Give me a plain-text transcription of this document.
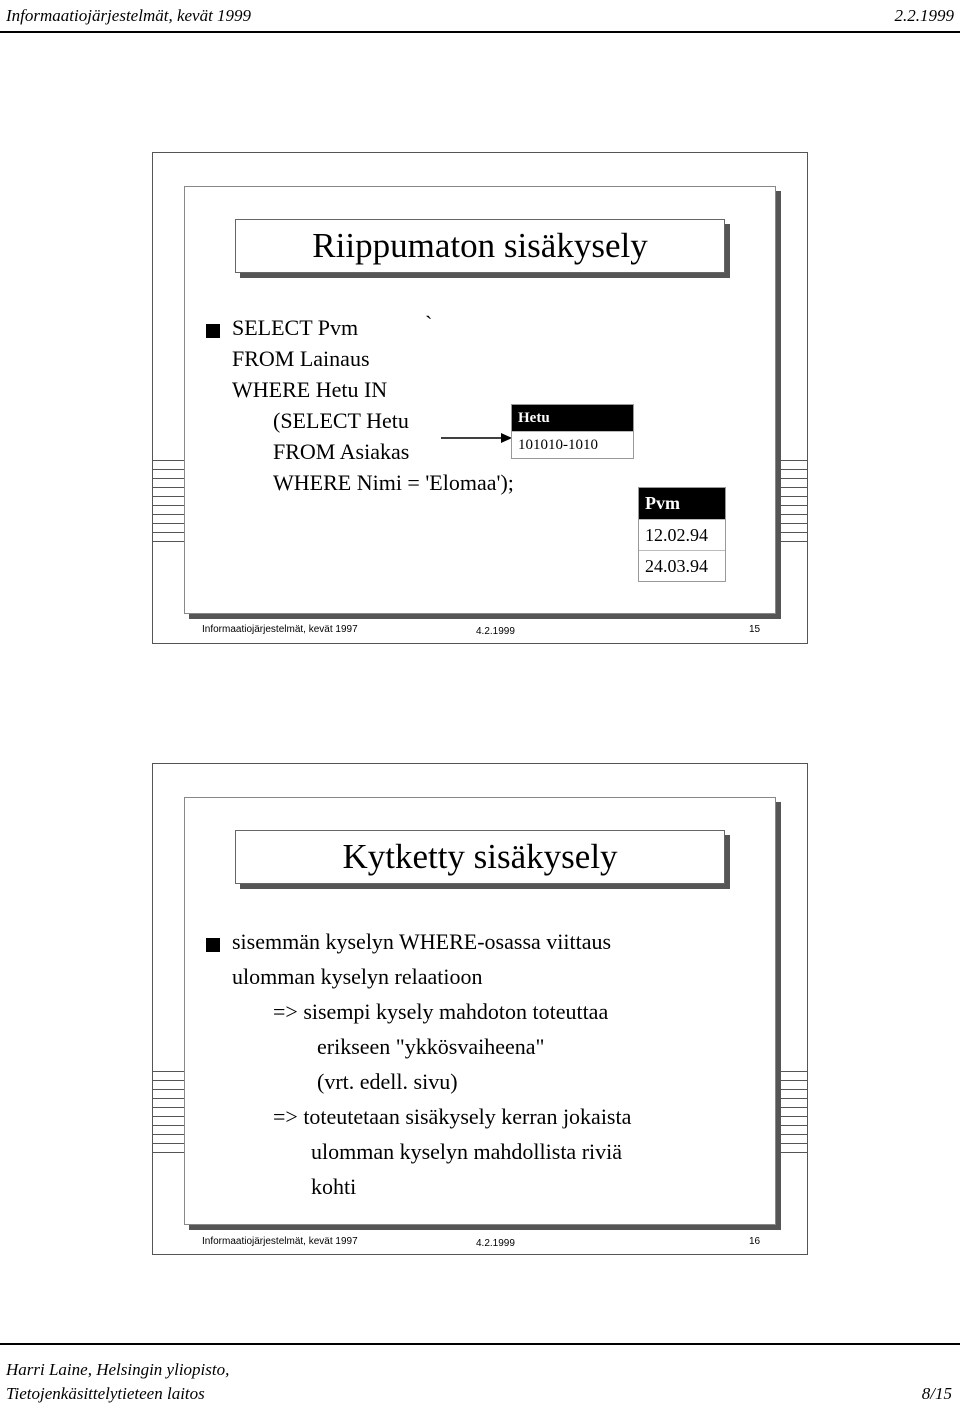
Informaatiojärjestelmät, kevät 1999	2.2.1999
Riippumaton sisäkysely
SELECT Pvm	`
FROM Lainaus
WHERE Hetu IN
(SELECT Hetu
FROM Asiakas
WHERE Nimi = 'Elomaa');
Hetu
101010-1010
Pvm
12.02.94
24.03.94
Informaatiojärjestelmät, kevät 1997	4.2.1999	15
Kytketty sisäkysely
sisemmän kyselyn WHERE-osassa viittaus
ulomman kyselyn relaatioon
=> sisempi kysely mahdoton toteuttaa
erikseen "ykkösvaiheena"
(vrt. edell. sivu)
=> toteutetaan sisäkysely kerran jokaista
ulomman kyselyn mahdollista riviä
kohti
Informaatiojärjestelmät, kevät 1997	4.2.1999	16
Harri Laine, Helsingin yliopisto,
Tietojenkäsittelytieteen laitos	8/15
